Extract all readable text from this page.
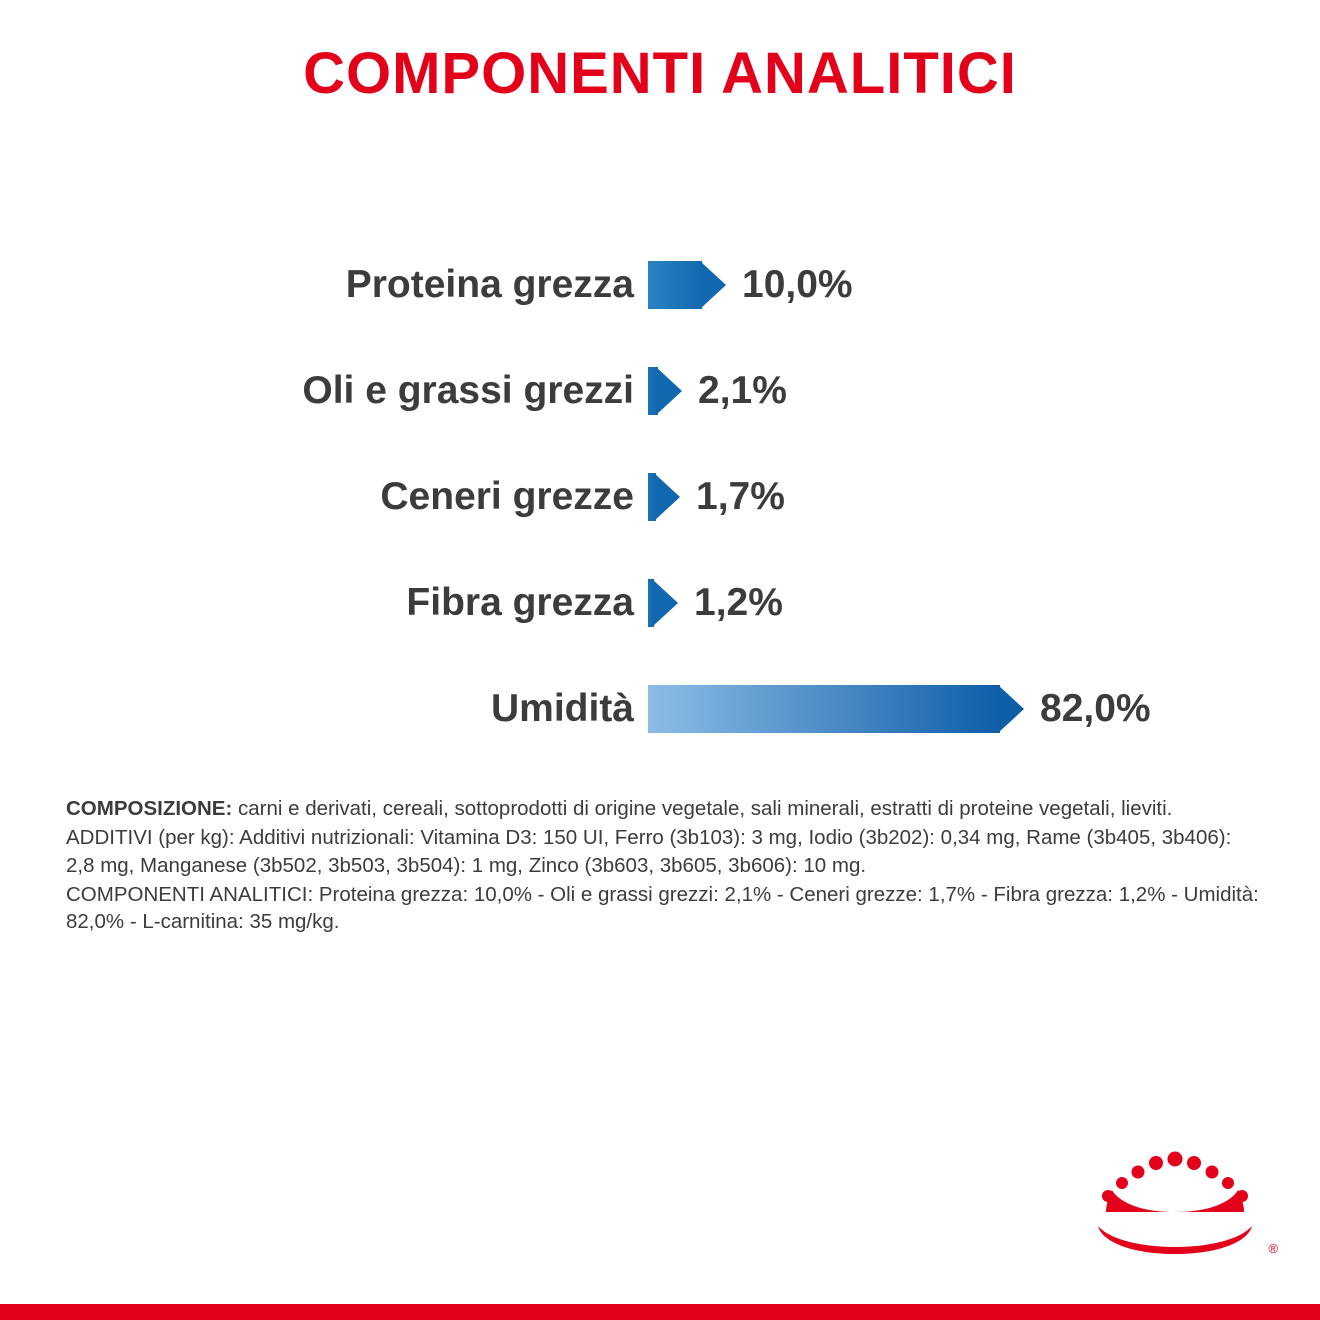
COMPONENTI ANALITICI
Proteina grezza	10,0%
Oli e grassi grezzi	2,1%
Ceneri grezze	1,7%
Fibra grezza	1,2%
Umidità	82,0%

COMPOSIZIONE: carni e derivati, cereali, sottoprodotti di origine vegetale, sali minerali, estratti di proteine vegetali, lieviti.

ADDITIVI (per kg): Additivi nutrizionali: Vitamina D3: 150 UI, Ferro (3b103): 3 mg, Iodio (3b202): 0,34 mg, Rame (3b405, 3b406): 2,8 mg, Manganese (3b502, 3b503, 3b504): 1 mg, Zinco (3b603, 3b605, 3b606): 10 mg.

COMPONENTI ANALITICI: Proteina grezza: 10,0% - Oli e grassi grezzi: 2,1% - Ceneri grezze: 1,7% - Fibra grezza: 1,2% - Umidità: 82,0% - L-carnitina: 35 mg/kg.

®
